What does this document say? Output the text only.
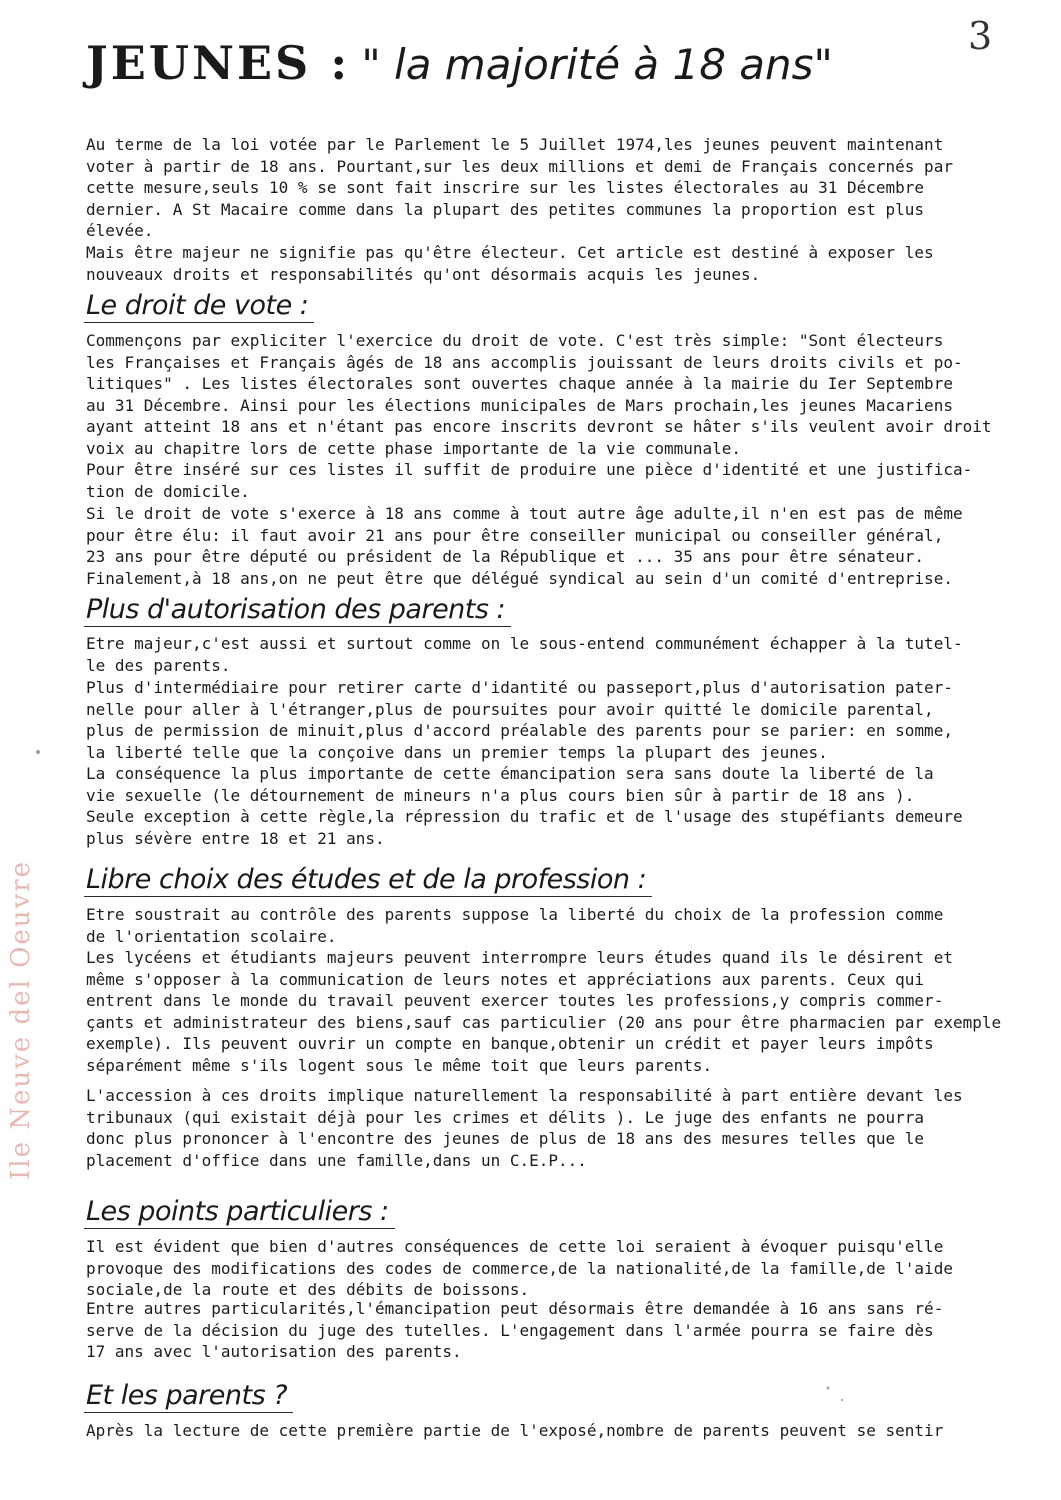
3
JEUNES : " la majorité à 18 ans"
Ile Neuve del Oeuvre
Au terme de la loi votée par le Parlement le 5 Juillet 1974,les jeunes peuvent maintenant
voter à partir de 18 ans. Pourtant,sur les deux millions et demi de Français concernés par
cette mesure,seuls 10 % se sont fait inscrire sur les listes électorales au 31 Décembre
dernier. A St Macaire comme dans la plupart des petites communes la proportion est plus
élevée.
Mais être majeur ne signifie pas qu'être électeur. Cet article est destiné à exposer les
nouveaux droits et responsabilités qu'ont désormais acquis les jeunes.
Le droit de vote :
Commençons par expliciter l'exercice du droit de vote. C'est très simple: "Sont électeurs
les Françaises et Français âgés de 18 ans accomplis jouissant de leurs droits civils et po-
litiques" . Les listes électorales sont ouvertes chaque année à la mairie du Ier Septembre
au 31 Décembre. Ainsi pour les élections municipales de Mars prochain,les jeunes Macariens
ayant atteint 18 ans et n'étant pas encore inscrits devront se hâter s'ils veulent avoir droit
voix au chapitre lors de cette phase importante de la vie communale.
Pour être inséré sur ces listes il suffit de produire une pièce d'identité et une justifica-
tion de domicile.
Si le droit de vote s'exerce à 18 ans comme à tout autre âge adulte,il n'en est pas de même
pour être élu: il faut avoir 21 ans pour être conseiller municipal ou conseiller général,
23 ans pour être député ou président de la République et ... 35 ans pour être sénateur.
Finalement,à 18 ans,on ne peut être que délégué syndical au sein d'un comité d'entreprise.
Plus d'autorisation des parents :
Etre majeur,c'est aussi et surtout comme on le sous-entend communément échapper à la tutel-
le des parents.
Plus d'intermédiaire pour retirer carte d'idantité ou passeport,plus d'autorisation pater-
nelle pour aller à l'étranger,plus de poursuites pour avoir quitté le domicile parental,
plus de permission de minuit,plus d'accord préalable des parents pour se parier: en somme,
la liberté telle que la conçoive dans un premier temps la plupart des jeunes.
La conséquence la plus importante de cette émancipation sera sans doute la liberté de la
vie sexuelle (le détournement de mineurs n'a plus cours bien sûr à partir de 18 ans ).
Seule exception à cette règle,la répression du trafic et de l'usage des stupéfiants demeure
plus sévère entre 18 et 21 ans.
Libre choix des études et de la profession :
Etre soustrait au contrôle des parents suppose la liberté du choix de la profession comme
de l'orientation scolaire.
Les lycéens et étudiants majeurs peuvent interrompre leurs études quand ils le désirent et
même s'opposer à la communication de leurs notes et appréciations aux parents. Ceux qui
entrent dans le monde du travail peuvent exercer toutes les professions,y compris commer-
çants et administrateur des biens,sauf cas particulier (20 ans pour être pharmacien par exemple
exemple). Ils peuvent ouvrir un compte en banque,obtenir un crédit et payer leurs impôts
séparément même s'ils logent sous le même toit que leurs parents.
L'accession à ces droits implique naturellement la responsabilité à part entière devant les
tribunaux (qui existait déjà pour les crimes et délits ). Le juge des enfants ne pourra
donc plus prononcer à l'encontre des jeunes de plus de 18 ans des mesures telles que le
placement d'office dans une famille,dans un C.E.P...
Les points particuliers :
Il est évident que bien d'autres conséquences de cette loi seraient à évoquer puisqu'elle
provoque des modifications des codes de commerce,de la nationalité,de la famille,de l'aide
sociale,de la route et des débits de boissons.
Entre autres particularités,l'émancipation peut désormais être demandée à 16 ans sans ré-
serve de la décision du juge des tutelles. L'engagement dans l'armée pourra se faire dès
17 ans avec l'autorisation des parents.
Et les parents ?
Après la lecture de cette première partie de l'exposé,nombre de parents peuvent se sentir
